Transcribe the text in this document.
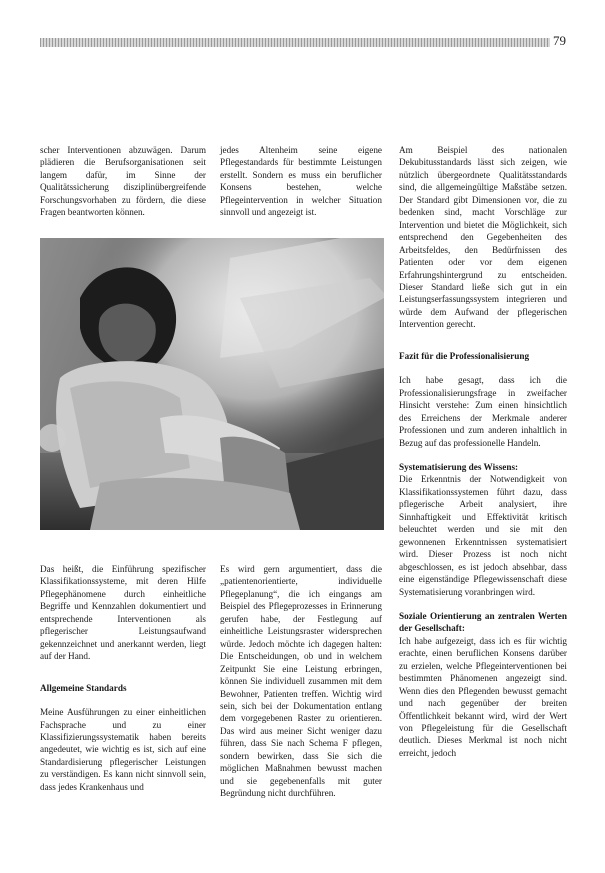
79

scher Interventionen abzuwägen. Darum plädieren die Berufsorganisationen seit langem dafür, im Sinne der Qualitätssicherung disziplinübergreifende Forschungsvorhaben zu fördern, die diese Fragen beantworten können.

jedes Altenheim seine eigene Pflegestandards für bestimmte Leistungen erstellt. Sondern es muss ein beruflicher Konsens bestehen, welche Pflegeintervention in welcher Situation sinnvoll und angezeigt ist.

Das heißt, die Einführung spezifischer Klassifikationssysteme, mit deren Hilfe Pflegephänomene durch einheitliche Begriffe und Kennzahlen dokumentiert und entsprechende Interventionen als pflegerischer Leistungsaufwand gekennzeichnet und anerkannt werden, liegt auf der Hand.

Allgemeine Standards

Meine Ausführungen zu einer einheitlichen Fachsprache und zu einer Klassifizierungssystematik haben bereits angedeutet, wie wichtig es ist, sich auf eine Standardisierung pflegerischer Leistungen zu verständigen. Es kann nicht sinnvoll sein, dass jedes Krankenhaus und

Es wird gern argumentiert, dass die „patientenorientierte, individuelle Pflegeplanung“, die ich eingangs am Beispiel des Pflegeprozesses in Erinnerung gerufen habe, der Festlegung auf einheitliche Leistungsraster widersprechen würde. Jedoch möchte ich dagegen halten: Die Entscheidungen, ob und in welchem Zeitpunkt Sie eine Leistung erbringen, können Sie individuell zusammen mit dem Bewohner, Patienten treffen. Wichtig wird sein, sich bei der Dokumentation entlang dem vorgegebenen Raster zu orientieren. Das wird aus meiner Sicht weniger dazu führen, dass Sie nach Schema F pflegen, sondern bewirken, dass Sie sich die möglichen Maßnahmen bewusst machen und sie gegebenenfalls mit guter Begründung nicht durchführen.

Am Beispiel des nationalen Dekubitusstandards lässt sich zeigen, wie nützlich übergeordnete Qualitätsstandards sind, die allgemeingültige Maßstäbe setzen. Der Standard gibt Dimensionen vor, die zu bedenken sind, macht Vorschläge zur Intervention und bietet die Möglichkeit, sich entsprechend den Gegebenheiten des Arbeitsfeldes, den Bedürfnissen des Patienten oder vor dem eigenen Erfahrungshintergrund zu entscheiden. Dieser Standard ließe sich gut in ein Leistungserfassungssystem integrieren und würde dem Aufwand der pflegerischen Intervention gerecht.

Fazit für die Professionalisierung

Ich habe gesagt, dass ich die Professionalisierungsfrage in zweifacher Hinsicht verstehe: Zum einen hinsichtlich des Erreichens der Merkmale anderer Professionen und zum anderen inhaltlich in Bezug auf das professionelle Handeln.

Systematisierung des Wissens:

Die Erkenntnis der Notwendigkeit von Klassifikationssystemen führt dazu, dass pflegerische Arbeit analysiert, ihre Sinnhaftigkeit und Effektivität kritisch beleuchtet werden und sie mit den gewonnenen Erkenntnissen systematisiert wird. Dieser Prozess ist noch nicht abgeschlossen, es ist jedoch absehbar, dass eine eigenständige Pflegewissenschaft diese Systematisierung voranbringen wird.

Soziale Orientierung an zentralen Werten der Gesellschaft:

Ich habe aufgezeigt, dass ich es für wichtig erachte, einen beruflichen Konsens darüber zu erzielen, welche Pflegeinterventionen bei bestimmten Phänomenen angezeigt sind. Wenn dies den Pflegenden bewusst gemacht und nach gegenüber der breiten Öffentlichkeit bekannt wird, wird der Wert von Pflegeleistung für die Gesellschaft deutlich. Dieses Merkmal ist noch nicht erreicht, jedoch
